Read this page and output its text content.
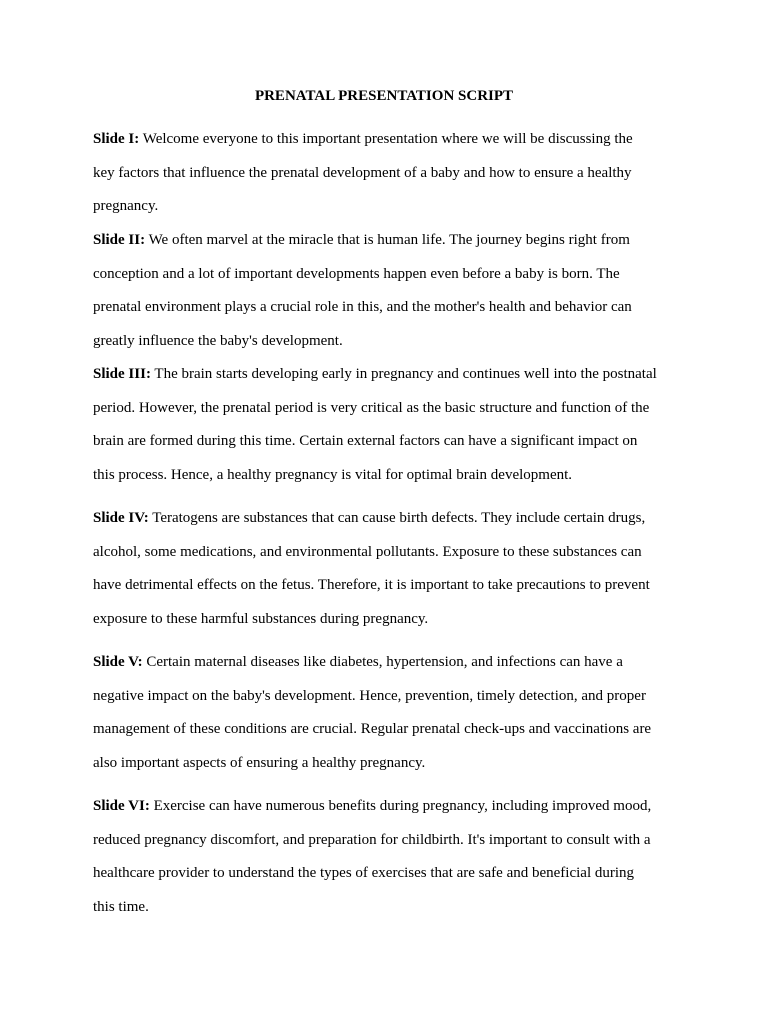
PRENATAL PRESENTATION SCRIPT
Slide I: Welcome everyone to this important presentation where we will be discussing the
key factors that influence the prenatal development of a baby and how to ensure a healthy
pregnancy.
Slide II: We often marvel at the miracle that is human life. The journey begins right from
conception and a lot of important developments happen even before a baby is born. The
prenatal environment plays a crucial role in this, and the mother's health and behavior can
greatly influence the baby's development.
Slide III: The brain starts developing early in pregnancy and continues well into the postnatal
period. However, the prenatal period is very critical as the basic structure and function of the
brain are formed during this time. Certain external factors can have a significant impact on
this process. Hence, a healthy pregnancy is vital for optimal brain development.
Slide IV: Teratogens are substances that can cause birth defects. They include certain drugs,
alcohol, some medications, and environmental pollutants. Exposure to these substances can
have detrimental effects on the fetus. Therefore, it is important to take precautions to prevent
exposure to these harmful substances during pregnancy.
Slide V: Certain maternal diseases like diabetes, hypertension, and infections can have a
negative impact on the baby's development. Hence, prevention, timely detection, and proper
management of these conditions are crucial. Regular prenatal check-ups and vaccinations are
also important aspects of ensuring a healthy pregnancy.
Slide VI: Exercise can have numerous benefits during pregnancy, including improved mood,
reduced pregnancy discomfort, and preparation for childbirth. It's important to consult with a
healthcare provider to understand the types of exercises that are safe and beneficial during
this time.
